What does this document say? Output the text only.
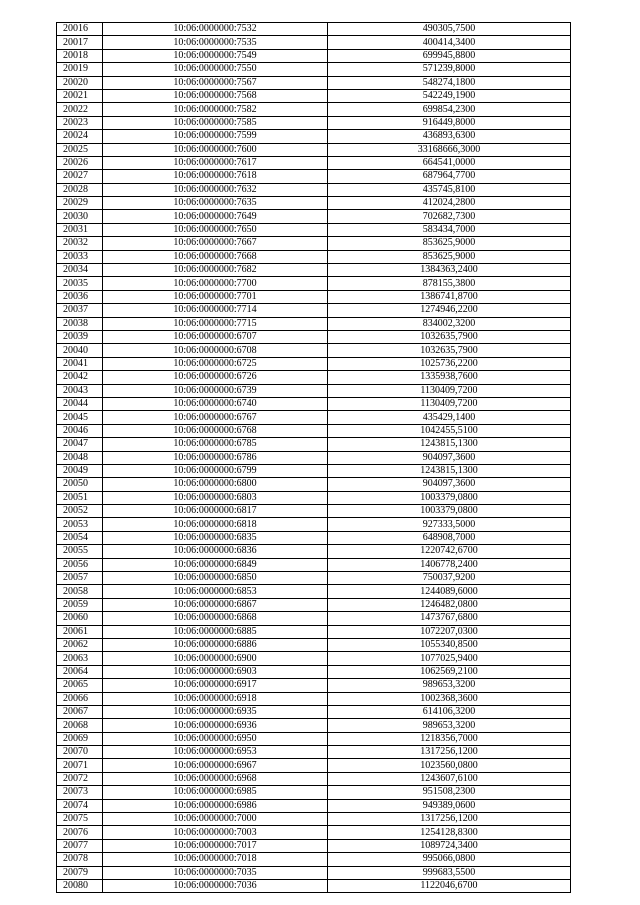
20016	10:06:0000000:7532	490305,7500
20017	10:06:0000000:7535	400414,3400
20018	10:06:0000000:7549	699945,8800
20019	10:06:0000000:7550	571239,8000
20020	10:06:0000000:7567	548274,1800
20021	10:06:0000000:7568	542249,1900
20022	10:06:0000000:7582	699854,2300
20023	10:06:0000000:7585	916449,8000
20024	10:06:0000000:7599	436893,6300
20025	10:06:0000000:7600	33168666,3000
20026	10:06:0000000:7617	664541,0000
20027	10:06:0000000:7618	687964,7700
20028	10:06:0000000:7632	435745,8100
20029	10:06:0000000:7635	412024,2800
20030	10:06:0000000:7649	702682,7300
20031	10:06:0000000:7650	583434,7000
20032	10:06:0000000:7667	853625,9000
20033	10:06:0000000:7668	853625,9000
20034	10:06:0000000:7682	1384363,2400
20035	10:06:0000000:7700	878155,3800
20036	10:06:0000000:7701	1386741,8700
20037	10:06:0000000:7714	1274946,2200
20038	10:06:0000000:7715	834002,3200
20039	10:06:0000000:6707	1032635,7900
20040	10:06:0000000:6708	1032635,7900
20041	10:06:0000000:6725	1025736,2200
20042	10:06:0000000:6726	1335938,7600
20043	10:06:0000000:6739	1130409,7200
20044	10:06:0000000:6740	1130409,7200
20045	10:06:0000000:6767	435429,1400
20046	10:06:0000000:6768	1042455,5100
20047	10:06:0000000:6785	1243815,1300
20048	10:06:0000000:6786	904097,3600
20049	10:06:0000000:6799	1243815,1300
20050	10:06:0000000:6800	904097,3600
20051	10:06:0000000:6803	1003379,0800
20052	10:06:0000000:6817	1003379,0800
20053	10:06:0000000:6818	927333,5000
20054	10:06:0000000:6835	648908,7000
20055	10:06:0000000:6836	1220742,6700
20056	10:06:0000000:6849	1406778,2400
20057	10:06:0000000:6850	750037,9200
20058	10:06:0000000:6853	1244089,6000
20059	10:06:0000000:6867	1246482,0800
20060	10:06:0000000:6868	1473767,6800
20061	10:06:0000000:6885	1072207,0300
20062	10:06:0000000:6886	1055340,8500
20063	10:06:0000000:6900	1077025,9400
20064	10:06:0000000:6903	1062569,2100
20065	10:06:0000000:6917	989653,3200
20066	10:06:0000000:6918	1002368,3600
20067	10:06:0000000:6935	614106,3200
20068	10:06:0000000:6936	989653,3200
20069	10:06:0000000:6950	1218356,7000
20070	10:06:0000000:6953	1317256,1200
20071	10:06:0000000:6967	1023560,0800
20072	10:06:0000000:6968	1243607,6100
20073	10:06:0000000:6985	951508,2300
20074	10:06:0000000:6986	949389,0600
20075	10:06:0000000:7000	1317256,1200
20076	10:06:0000000:7003	1254128,8300
20077	10:06:0000000:7017	1089724,3400
20078	10:06:0000000:7018	995066,0800
20079	10:06:0000000:7035	999683,5500
20080	10:06:0000000:7036	1122046,6700
